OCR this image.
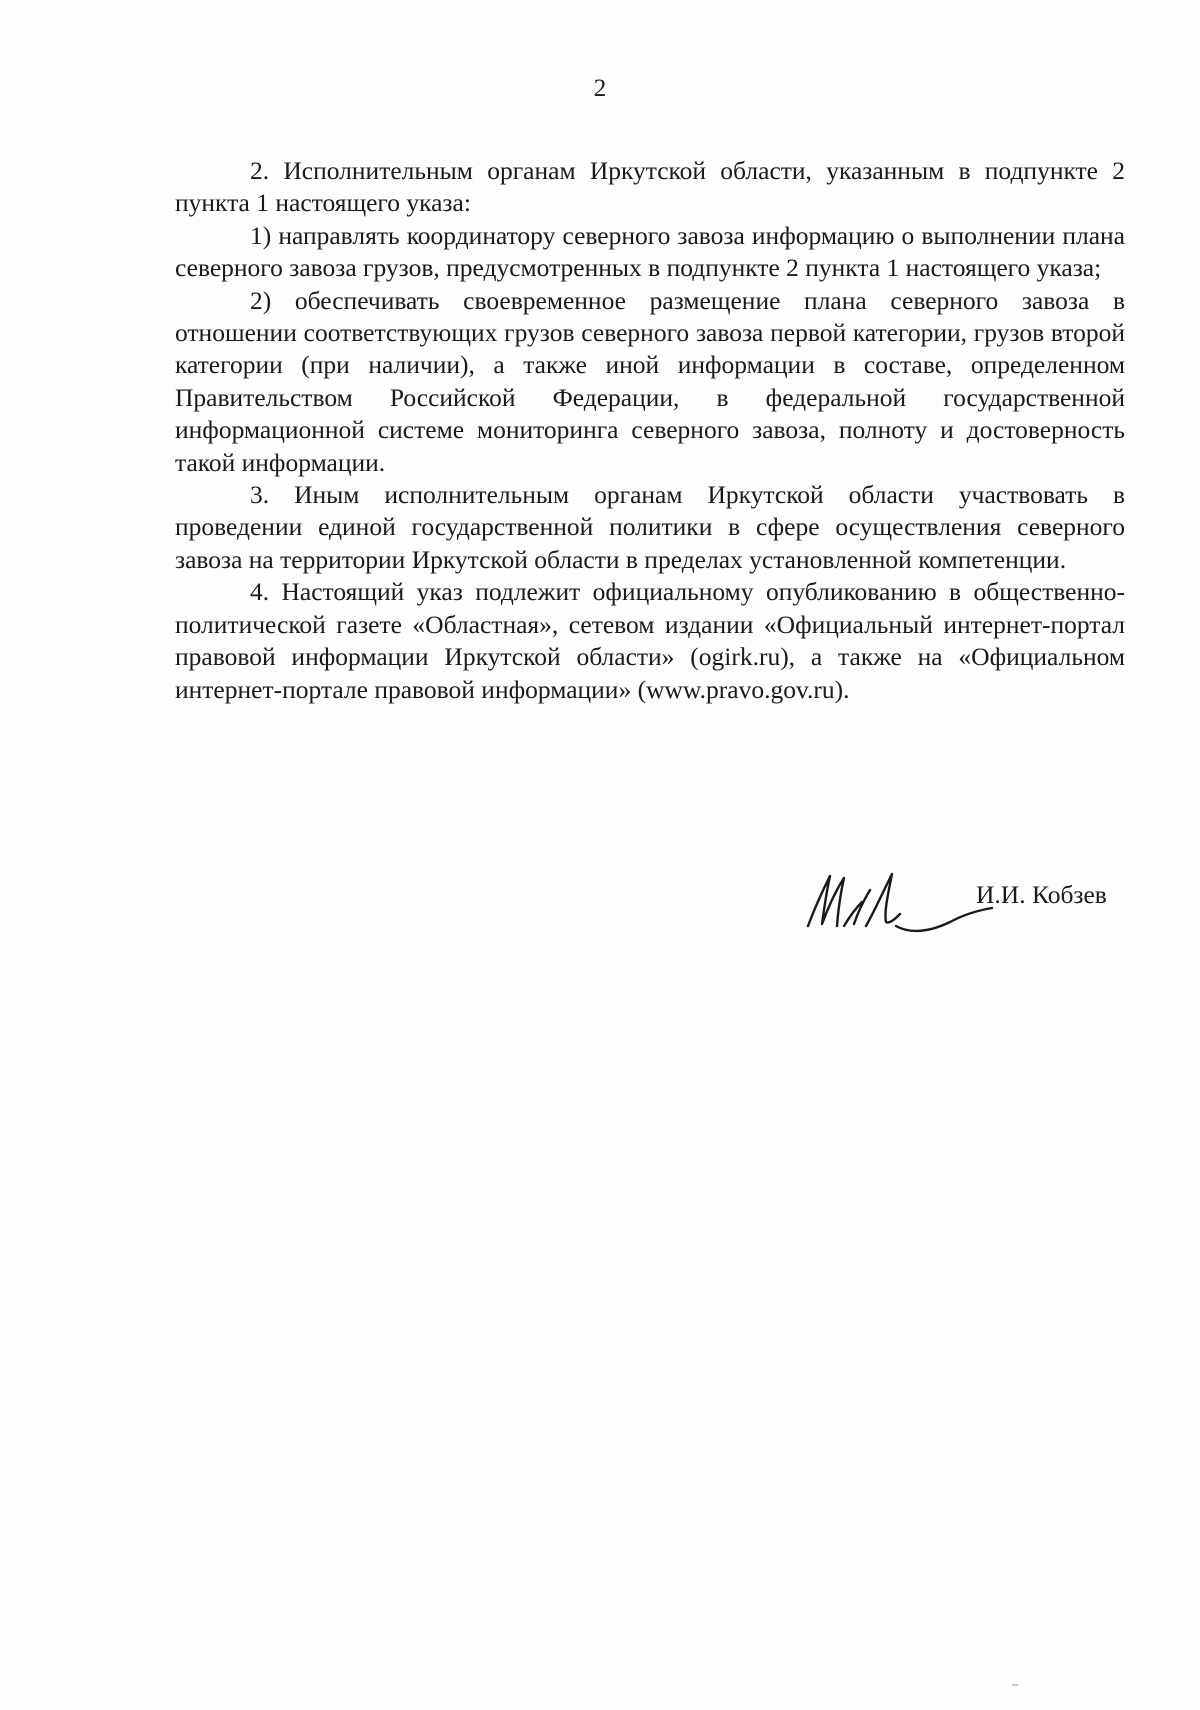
2

2. Исполнительным органам Иркутской области, указанным в подпункте 2 пункта 1 настоящего указа:

1) направлять координатору северного завоза информацию о выполнении плана северного завоза грузов, предусмотренных в подпункте 2 пункта 1 настоящего указа;

2) обеспечивать своевременное размещение плана северного завоза в отношении соответствующих грузов северного завоза первой категории, грузов второй категории (при наличии), а также иной информации в составе, определенном Правительством Российской Федерации, в федеральной государственной информационной системе мониторинга северного завоза, полноту и достоверность такой информации.

3. Иным исполнительным органам Иркутской области участвовать в проведении единой государственной политики в сфере осуществления северного завоза на территории Иркутской области в пределах установленной компетенции.

4. Настоящий указ подлежит официальному опубликованию в общественно-политической газете «Областная», сетевом издании «Официальный интернет-портал правовой информации Иркутской области» (ogirk.ru), а также на «Официальном интернет-портале правовой информации» (www.pravo.gov.ru).

И.И. Кобзев
